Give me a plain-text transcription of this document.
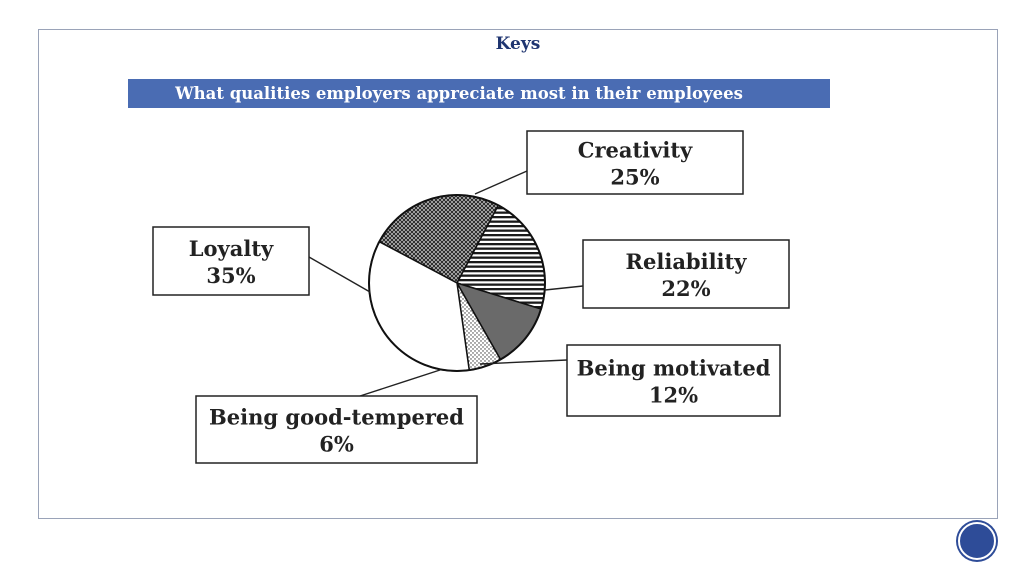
Keys
What qualities employers appreciate most in their employees
Creativity
25%
Reliability
22%
Being motivated
12%
Being good-tempered
6%
Loyalty
35%
